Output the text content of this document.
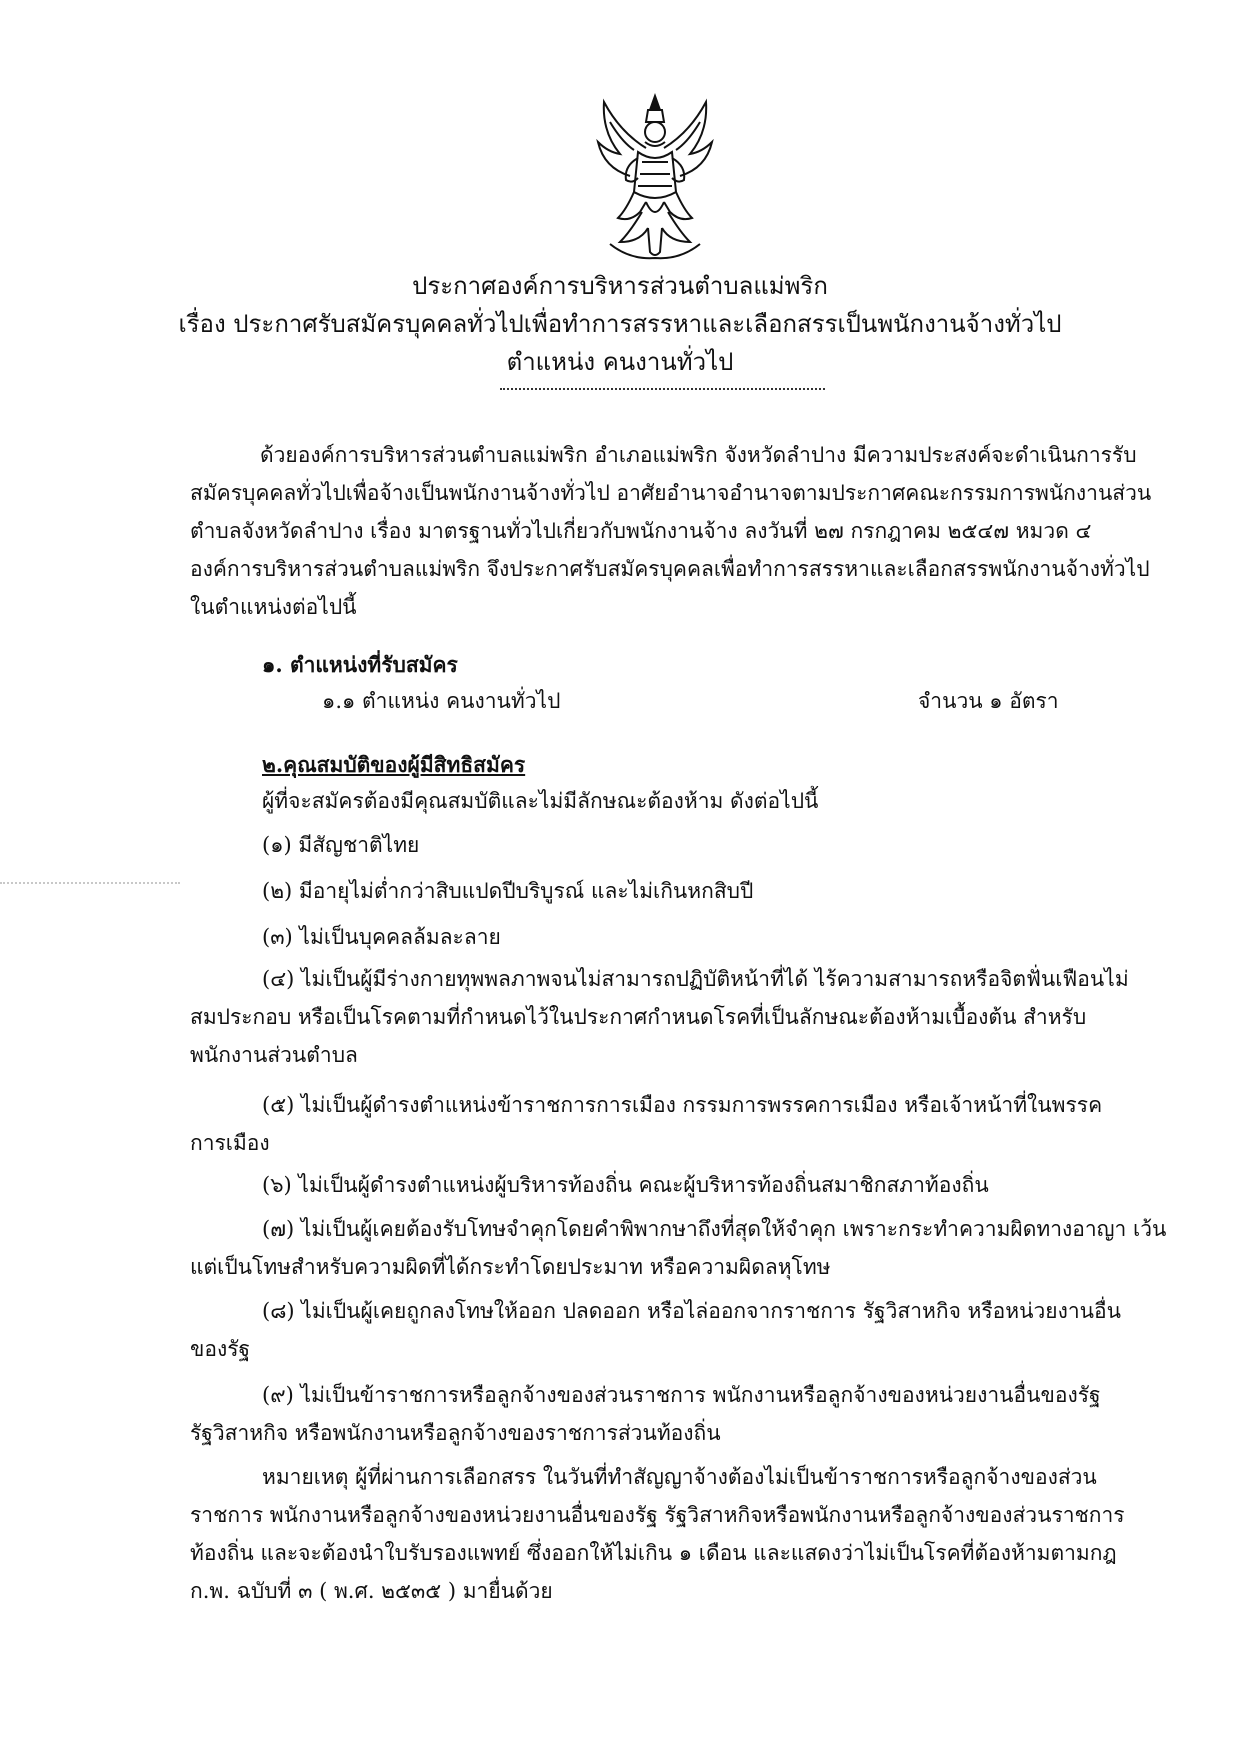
ประกาศองค์การบริหารส่วนตำบลแม่พริก
เรื่อง ประกาศรับสมัครบุคคลทั่วไปเพื่อทำการสรรหาและเลือกสรรเป็นพนักงานจ้างทั่วไป
ตำแหน่ง คนงานทั่วไป
ด้วยองค์การบริหารส่วนตำบลแม่พริก อำเภอแม่พริก จังหวัดลำปาง มีความประสงค์จะดำเนินการรับ
สมัครบุคคลทั่วไปเพื่อจ้างเป็นพนักงานจ้างทั่วไป อาศัยอำนาจอำนาจตามประกาศคณะกรรมการพนักงานส่วน
ตำบลจังหวัดลำปาง เรื่อง มาตรฐานทั่วไปเกี่ยวกับพนักงานจ้าง ลงวันที่ ๒๗ กรกฎาคม ๒๕๔๗ หมวด ๔
องค์การบริหารส่วนตำบลแม่พริก จึงประกาศรับสมัครบุคคลเพื่อทำการสรรหาและเลือกสรรพนักงานจ้างทั่วไป
ในตำแหน่งต่อไปนี้
๑. ตำแหน่งที่รับสมัคร
๑.๑ ตำแหน่ง คนงานทั่วไป	จำนวน ๑ อัตรา
๒.คุณสมบัติของผู้มีสิทธิสมัคร
ผู้ที่จะสมัครต้องมีคุณสมบัติและไม่มีลักษณะต้องห้าม ดังต่อไปนี้
(๑) มีสัญชาติไทย
(๒) มีอายุไม่ต่ำกว่าสิบแปดปีบริบูรณ์ และไม่เกินหกสิบปี
(๓) ไม่เป็นบุคคลล้มละลาย
(๔) ไม่เป็นผู้มีร่างกายทุพพลภาพจนไม่สามารถปฏิบัติหน้าที่ได้ ไร้ความสามารถหรือจิตฟั่นเฟือนไม่
สมประกอบ หรือเป็นโรคตามที่กำหนดไว้ในประกาศกำหนดโรคที่เป็นลักษณะต้องห้ามเบื้องต้น สำหรับ
พนักงานส่วนตำบล
(๕) ไม่เป็นผู้ดำรงตำแหน่งข้าราชการการเมือง กรรมการพรรคการเมือง หรือเจ้าหน้าที่ในพรรค
การเมือง
(๖) ไม่เป็นผู้ดำรงตำแหน่งผู้บริหารท้องถิ่น คณะผู้บริหารท้องถิ่นสมาชิกสภาท้องถิ่น
(๗) ไม่เป็นผู้เคยต้องรับโทษจำคุกโดยคำพิพากษาถึงที่สุดให้จำคุก เพราะกระทำความผิดทางอาญา เว้น
แต่เป็นโทษสำหรับความผิดที่ได้กระทำโดยประมาท หรือความผิดลหุโทษ
(๘) ไม่เป็นผู้เคยถูกลงโทษให้ออก ปลดออก หรือไล่ออกจากราชการ รัฐวิสาหกิจ หรือหน่วยงานอื่น
ของรัฐ
(๙) ไม่เป็นข้าราชการหรือลูกจ้างของส่วนราชการ พนักงานหรือลูกจ้างของหน่วยงานอื่นของรัฐ
รัฐวิสาหกิจ หรือพนักงานหรือลูกจ้างของราชการส่วนท้องถิ่น
หมายเหตุ ผู้ที่ผ่านการเลือกสรร ในวันที่ทำสัญญาจ้างต้องไม่เป็นข้าราชการหรือลูกจ้างของส่วน
ราชการ พนักงานหรือลูกจ้างของหน่วยงานอื่นของรัฐ รัฐวิสาหกิจหรือพนักงานหรือลูกจ้างของส่วนราชการ
ท้องถิ่น และจะต้องนำใบรับรองแพทย์ ซึ่งออกให้ไม่เกิน ๑ เดือน และแสดงว่าไม่เป็นโรคที่ต้องห้ามตามกฎ
ก.พ. ฉบับที่ ๓ ( พ.ศ. ๒๕๓๕ ) มายื่นด้วย
